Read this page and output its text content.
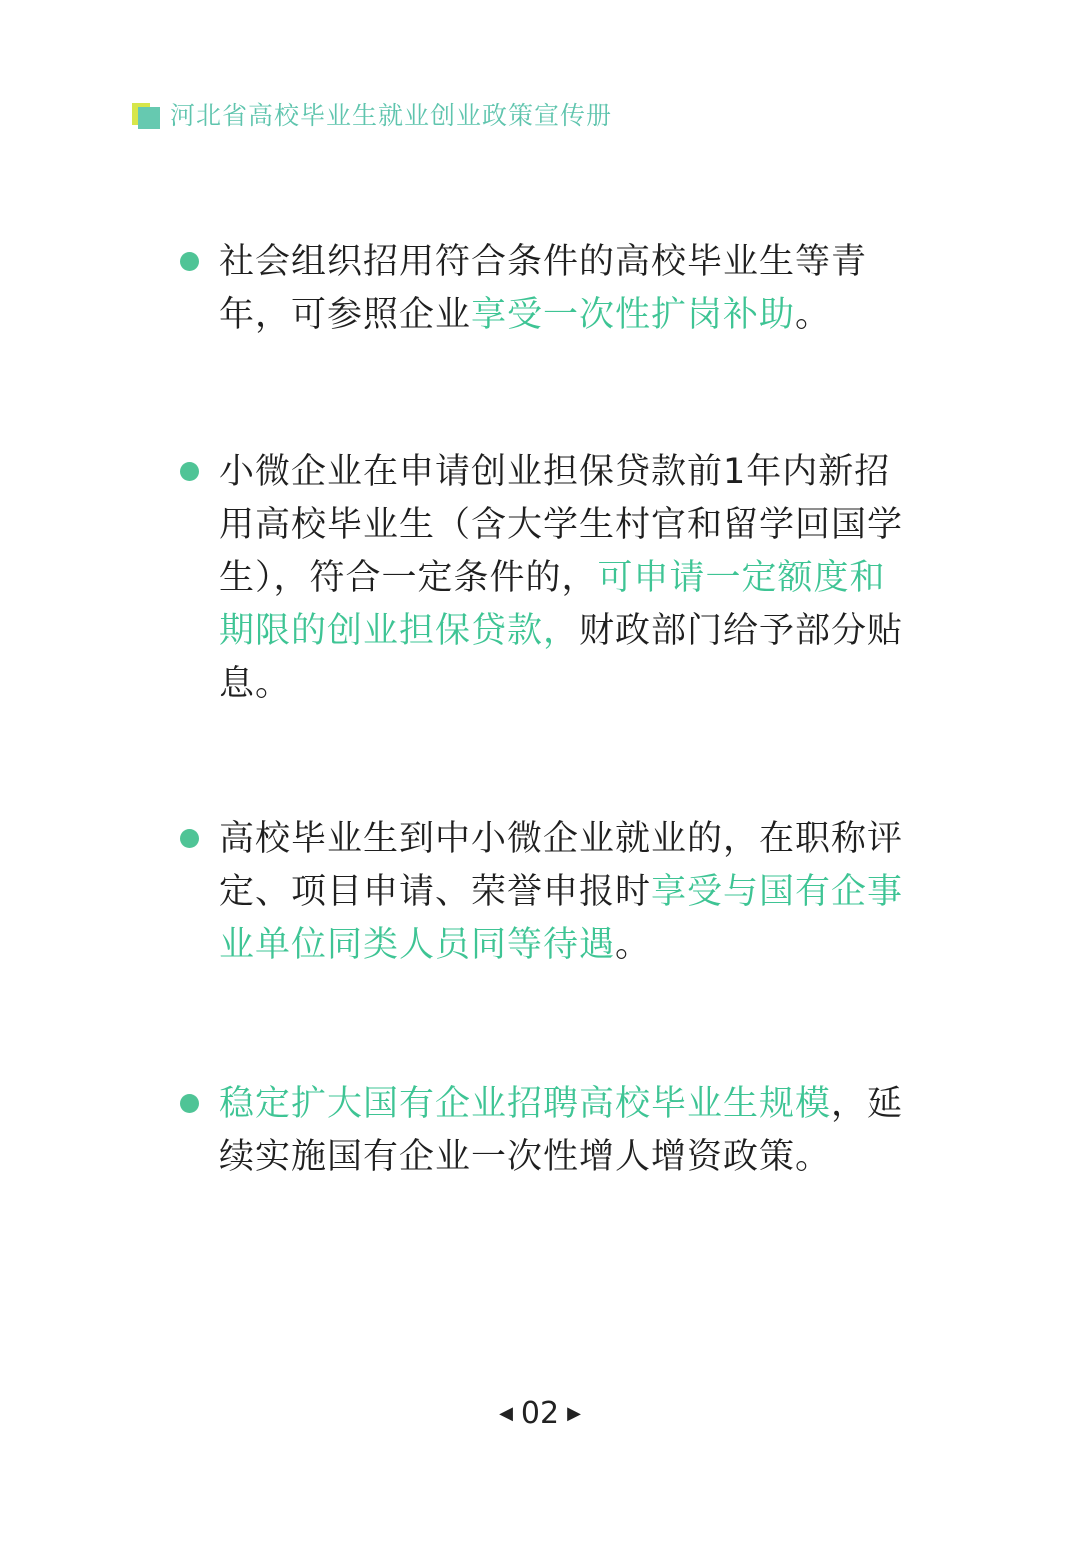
河北省高校毕业生就业创业政策宣传册
社会组织招用符合条件的高校毕业生等青年，可参照企业享受一次性扩岗补助。
小微企业在申请创业担保贷款前1年内新招用高校毕业生（含大学生村官和留学回国学生），符合一定条件的，可申请一定额度和期限的创业担保贷款，财政部门给予部分贴息。
高校毕业生到中小微企业就业的，在职称评定、项目申请、荣誉申报时享受与国有企事业单位同类人员同等待遇。
稳定扩大国有企业招聘高校毕业生规模，延续实施国有企业一次性增人增资政策。
◀ 02 ▶
